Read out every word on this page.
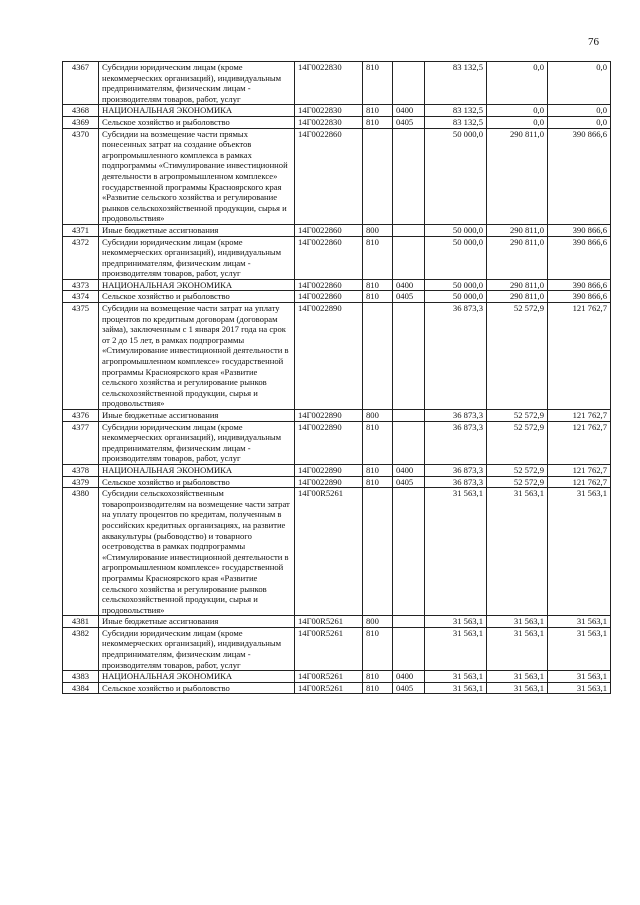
76
4367	Субсидии юридическим лицам (кроме некоммерческих организаций), индивидуальным предпринимателям, физическим лицам - производителям товаров, работ, услуг	14Г0022830	810		83 132,5	0,0	0,0
4368	НАЦИОНАЛЬНАЯ ЭКОНОМИКА	14Г0022830	810	0400	83 132,5	0,0	0,0
4369	Сельское хозяйство и рыболовство	14Г0022830	810	0405	83 132,5	0,0	0,0
4370	Субсидии на возмещение части прямых понесенных затрат на создание объектов агропромышленного комплекса в рамках подпрограммы «Стимулирование инвестиционной деятельности в агропромышленном комплексе» государственной программы Красноярского края «Развитие сельского хозяйства и регулирование рынков сельскохозяйственной продукции, сырья и продовольствия»	14Г0022860			50 000,0	290 811,0	390 866,6
4371	Иные бюджетные ассигнования	14Г0022860	800		50 000,0	290 811,0	390 866,6
4372	Субсидии юридическим лицам (кроме некоммерческих организаций), индивидуальным предпринимателям, физическим лицам - производителям товаров, работ, услуг	14Г0022860	810		50 000,0	290 811,0	390 866,6
4373	НАЦИОНАЛЬНАЯ ЭКОНОМИКА	14Г0022860	810	0400	50 000,0	290 811,0	390 866,6
4374	Сельское хозяйство и рыболовство	14Г0022860	810	0405	50 000,0	290 811,0	390 866,6
4375	Субсидии на возмещение части затрат на уплату процентов по кредитным договорам (договорам займа), заключенным с 1 января 2017 года на срок от 2 до 15 лет, в рамках подпрограммы «Стимулирование инвестиционной деятельности в агропромышленном комплексе» государственной программы Красноярского края «Развитие сельского хозяйства и регулирование рынков сельскохозяйственной продукции, сырья и продовольствия»	14Г0022890			36 873,3	52 572,9	121 762,7
4376	Иные бюджетные ассигнования	14Г0022890	800		36 873,3	52 572,9	121 762,7
4377	Субсидии юридическим лицам (кроме некоммерческих организаций), индивидуальным предпринимателям, физическим лицам - производителям товаров, работ, услуг	14Г0022890	810		36 873,3	52 572,9	121 762,7
4378	НАЦИОНАЛЬНАЯ ЭКОНОМИКА	14Г0022890	810	0400	36 873,3	52 572,9	121 762,7
4379	Сельское хозяйство и рыболовство	14Г0022890	810	0405	36 873,3	52 572,9	121 762,7
4380	Субсидии сельскохозяйственным товаропроизводителям на возмещение части затрат на уплату процентов по кредитам, полученным в российских кредитных организациях, на развитие аквакультуры (рыбоводство) и товарного осетроводства в рамках подпрограммы «Стимулирование инвестиционной деятельности в агропромышленном комплексе» государственной программы Красноярского края «Развитие сельского хозяйства и регулирование рынков сельскохозяйственной продукции, сырья и продовольствия»	14Г00R5261			31 563,1	31 563,1	31 563,1
4381	Иные бюджетные ассигнования	14Г00R5261	800		31 563,1	31 563,1	31 563,1
4382	Субсидии юридическим лицам (кроме некоммерческих организаций), индивидуальным предпринимателям, физическим лицам - производителям товаров, работ, услуг	14Г00R5261	810		31 563,1	31 563,1	31 563,1
4383	НАЦИОНАЛЬНАЯ ЭКОНОМИКА	14Г00R5261	810	0400	31 563,1	31 563,1	31 563,1
4384	Сельское хозяйство и рыболовство	14Г00R5261	810	0405	31 563,1	31 563,1	31 563,1
